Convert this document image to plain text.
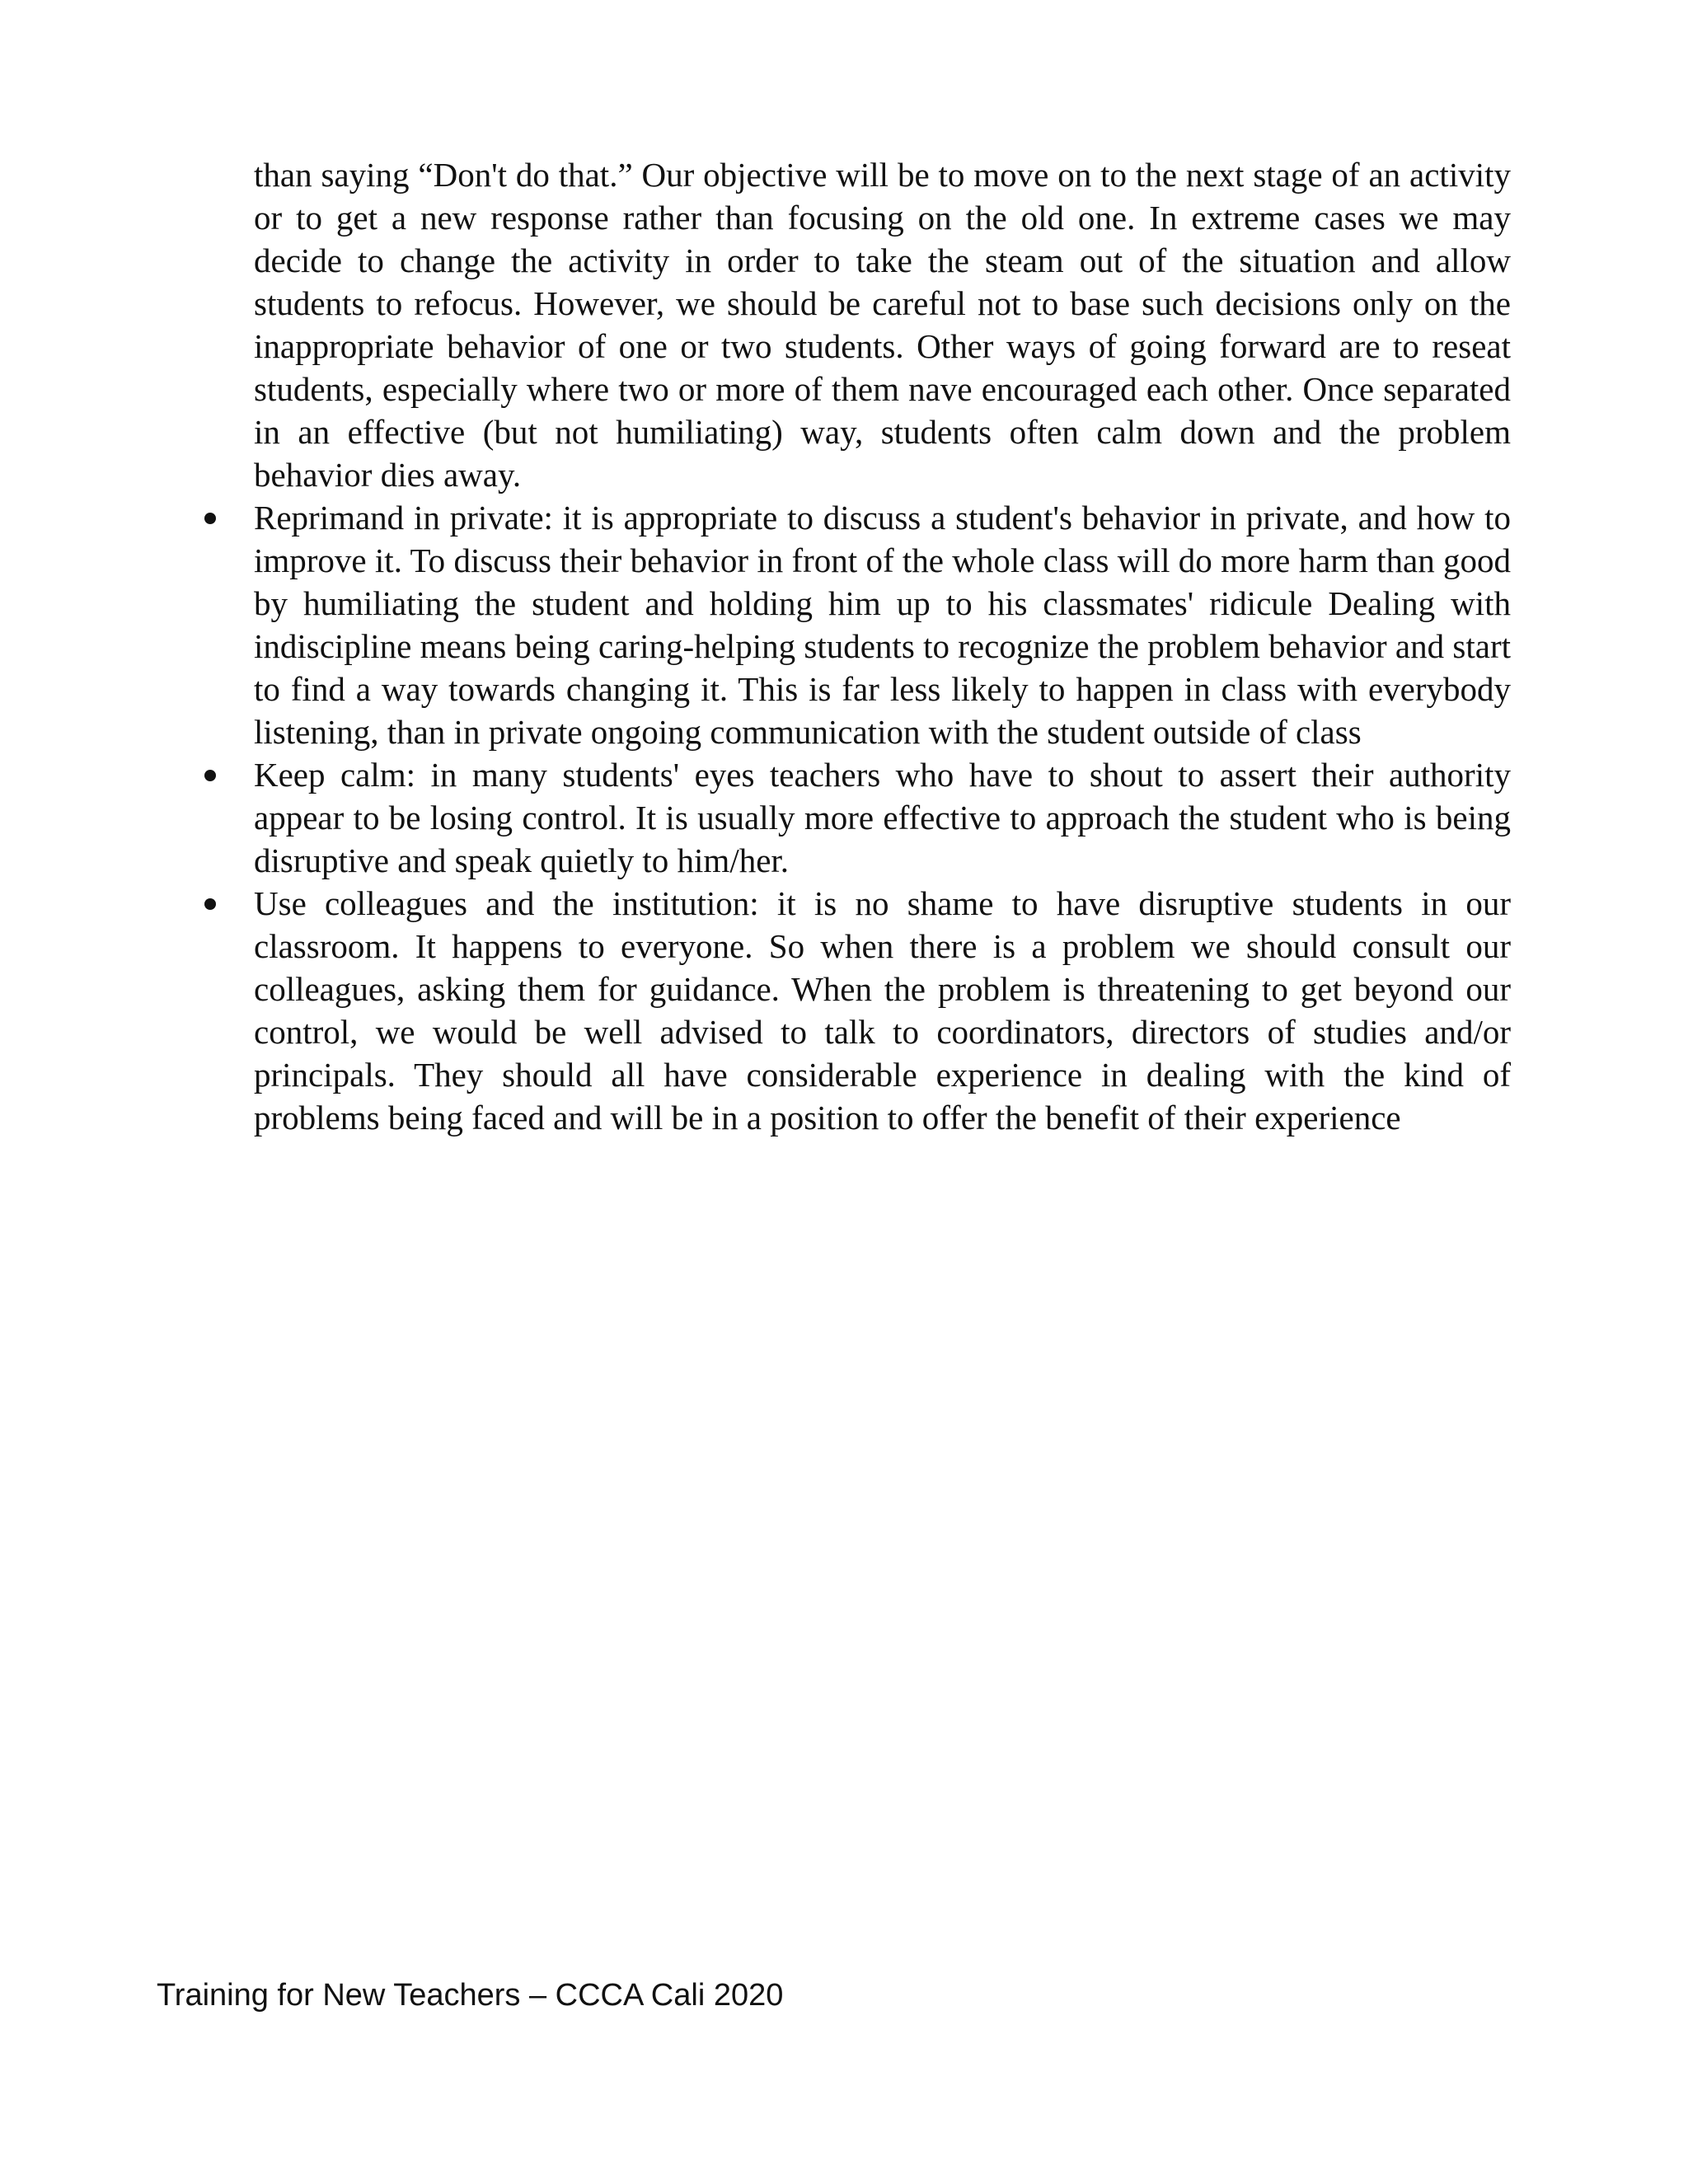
than saying “Don't do that.” Our objective will be to move on to the next stage of an activity or to get a new response rather than focusing on the old one. In extreme cases we may decide to change the activity in order to take the steam out of the situation and allow students to refocus. However, we should be careful not to base such decisions only on the inappropriate behavior of one or two students. Other ways of going forward are to reseat students, especially where two or more of them nave encouraged each other. Once separated in an effective (but not humiliating) way, students often calm down and the problem behavior dies away.

Reprimand in private: it is appropriate to discuss a student's behavior in private, and how to improve it. To discuss their behavior in front of the whole class will do more harm than good by humiliating the student and holding him up to his classmates' ridicule Dealing with indiscipline means being caring-helping students to recognize the problem behavior and start to find a way towards changing it. This is far less likely to happen in class with everybody listening, than in private ongoing communication with the student outside of class
Keep calm: in many students' eyes teachers who have to shout to assert their authority appear to be losing control. It is usually more effective to approach the student who is being disruptive and speak quietly to him/her.
Use colleagues and the institution: it is no shame to have disruptive students in our classroom. It happens to everyone. So when there is a problem we should consult our colleagues, asking them for guidance. When the problem is threatening to get beyond our control, we would be well advised to talk to coordinators, directors of studies and/or principals. They should all have considerable experience in dealing with the kind of problems being faced and will be in a position to offer the benefit of their experience
Training for New Teachers – CCCA Cali 2020
